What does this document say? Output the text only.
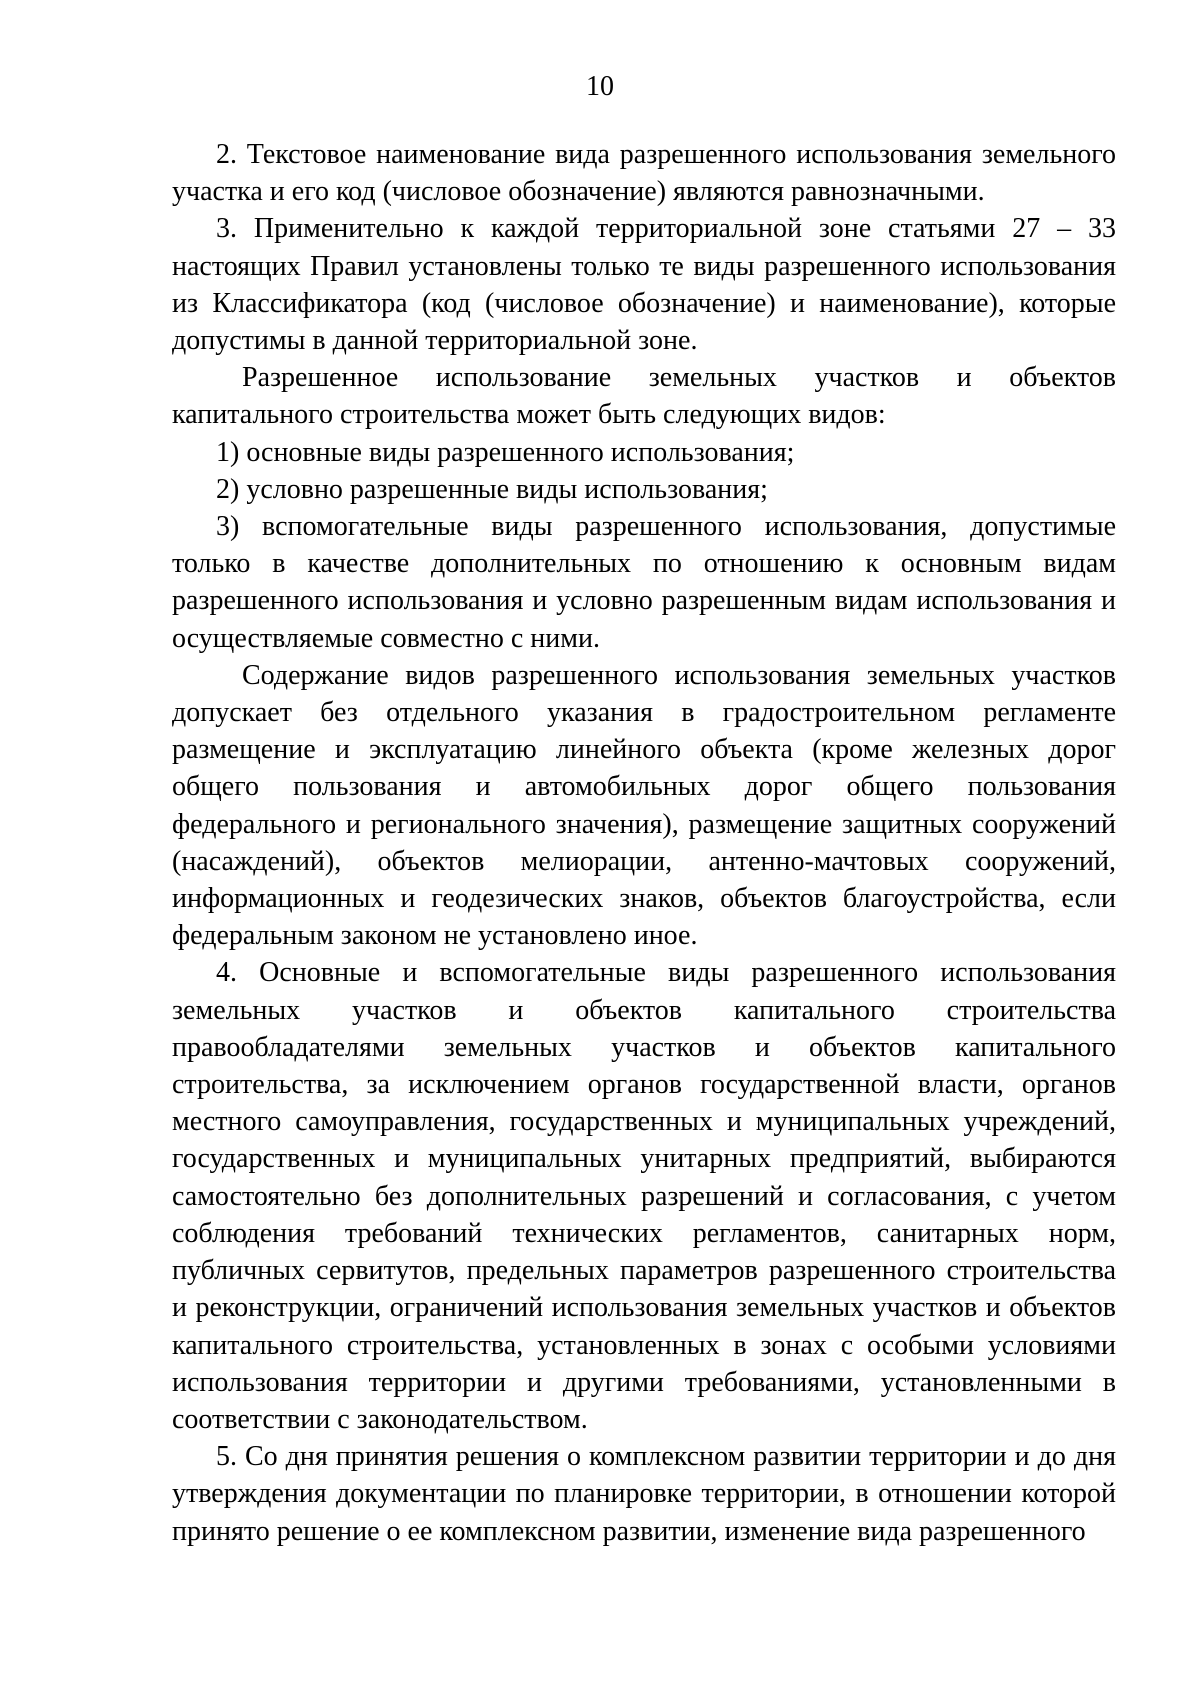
10

2. Текстовое наименование вида разрешенного использования земельного участка и его код (числовое обозначение) являются равнозначными.

3. Применительно к каждой территориальной зоне статьями 27 – 33 настоящих Правил установлены только те виды разрешенного использования из Классификатора (код (числовое обозначение) и наименование), которые допустимы в данной территориальной зоне.

Разрешенное использование земельных участков и объектов капитального строительства может быть следующих видов:

1) основные виды разрешенного использования;

2) условно разрешенные виды использования;

3) вспомогательные виды разрешенного использования, допустимые только в качестве дополнительных по отношению к основным видам разрешенного использования и условно разрешенным видам использования и осуществляемые совместно с ними.

Содержание видов разрешенного использования земельных участков допускает без отдельного указания в градостроительном регламенте размещение и эксплуатацию линейного объекта (кроме железных дорог общего пользования и автомобильных дорог общего пользования федерального и регионального значения), размещение защитных сооружений (насаждений), объектов мелиорации, антенно-мачтовых сооружений, информационных и геодезических знаков, объектов благоустройства, если федеральным законом не установлено иное.

4. Основные и вспомогательные виды разрешенного использования земельных участков и объектов капитального строительства правообладателями земельных участков и объектов капитального строительства, за исключением органов государственной власти, органов местного самоуправления, государственных и муниципальных учреждений, государственных и муниципальных унитарных предприятий, выбираются самостоятельно без дополнительных разрешений и согласования, с учетом соблюдения требований технических регламентов, санитарных норм, публичных сервитутов, предельных параметров разрешенного строительства и реконструкции, ограничений использования земельных участков и объектов капитального строительства, установленных в зонах с особыми условиями использования территории и другими требованиями, установленными в соответствии с законодательством.

5. Со дня принятия решения о комплексном развитии территории и до дня утверждения документации по планировке территории, в отношении которой принято решение о ее комплексном развитии, изменение вида разрешенного
